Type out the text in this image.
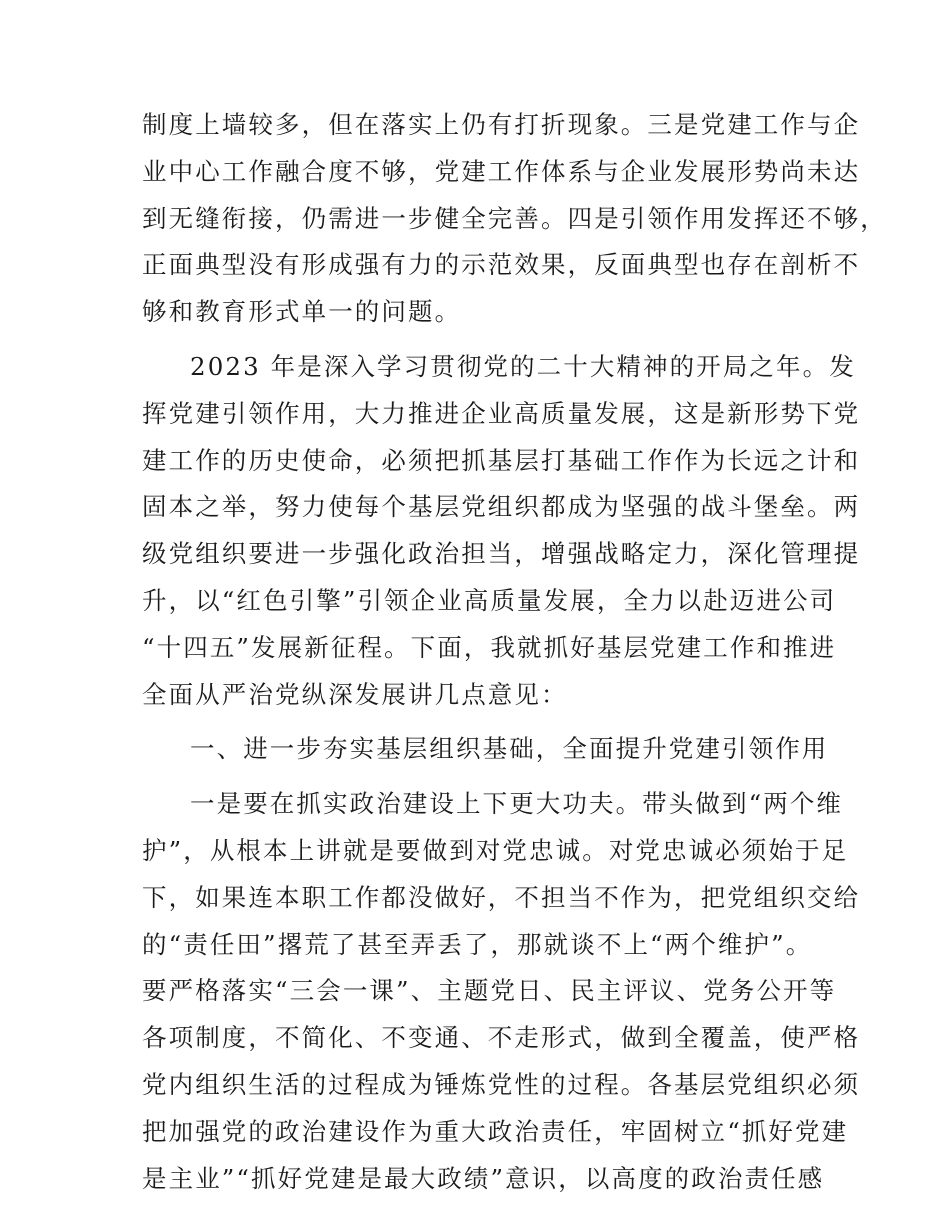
制度上墙较多，但在落实上仍有打折现象。三是党建工作与企
业中心工作融合度不够，党建工作体系与企业发展形势尚未达
到无缝衔接，仍需进一步健全完善。四是引领作用发挥还不够，
正面典型没有形成强有力的示范效果，反面典型也存在剖析不
够和教育形式单一的问题。
2023 年是深入学习贯彻党的二十大精神的开局之年。发
挥党建引领作用，大力推进企业高质量发展，这是新形势下党
建工作的历史使命，必须把抓基层打基础工作作为长远之计和
固本之举，努力使每个基层党组织都成为坚强的战斗堡垒。两
级党组织要进一步强化政治担当，增强战略定力，深化管理提
升，以“红色引擎”引领企业高质量发展，全力以赴迈进公司
“十四五”发展新征程。下面，我就抓好基层党建工作和推进
全面从严治党纵深发展讲几点意见：
一、进一步夯实基层组织基础，全面提升党建引领作用
一是要在抓实政治建设上下更大功夫。带头做到“两个维
护”，从根本上讲就是要做到对党忠诚。对党忠诚必须始于足
下，如果连本职工作都没做好，不担当不作为，把党组织交给
的“责任田”撂荒了甚至弄丢了，那就谈不上“两个维护”。
要严格落实“三会一课”、主题党日、民主评议、党务公开等
各项制度，不简化、不变通、不走形式，做到全覆盖，使严格
党内组织生活的过程成为锤炼党性的过程。各基层党组织必须
把加强党的政治建设作为重大政治责任，牢固树立“抓好党建
是主业”“抓好党建是最大政绩”意识，以高度的政治责任感
